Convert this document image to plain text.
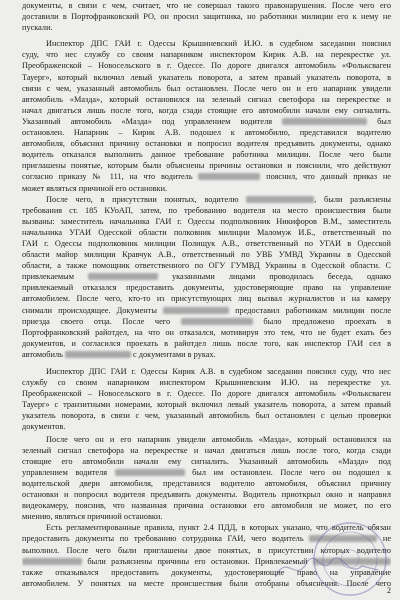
документы, в связи с чем, считает, что не совершал такого правонарушения. После чего его
доставили в Портофранковский РО, он просил защитника, но работники милиции его к нему не
пускали.
Инспектор ДПС ГАИ г. Одессы Крышиневский И.Ю. в судебном заседании пояснил
суду, что нес службу со своим напарником инспектором Кирик А.В. на перекрестке ул.
Преображенской – Новосельского в г. Одессе. По дороге двигался автомобиль «Фольксваген
Тауерг», который включил левый указатель поворота, а затем правый указатель поворота, в
связи с чем, указанный автомобиль был остановлен. После чего он и его напарник увидели
автомобиль «Мазда», который остановился на зеленый сигнал светофора на перекрестке и
начал двигаться лишь после того, когда сзади стоящие его автомобили начали ему сигналить.
Указанный автомобиль «Мазда» под управлением водителя	был
остановлен. Напарник – Кирик А.В. подошел к автомобилю, представился водителю
автомобиля, объяснил причину остановки и попросил водителя предъявить документы, однако
водитель отказался выполнить данное требование работника милиции. После чего были
приглашены понятые, которым были объяснены причины остановки и пояснили, что действуют
согласно приказу № 111, на что водитель	пояснил, что данный приказ не
может являться причиной его остановки.
После чего, в присутствии понятых, водителю	, были разъяснены
требования ст. 185 КУоАП, затем, по требованию водителя на место происшествия были
вызваны: заместитель начальника ГАИ г. Одессы подполковник Никифоров В.М., заместитель
начальника УГАИ Одесской области полковник милиции Маломуж И.Б., ответственный по
ГАИ г. Одессы подполковник милиции Полищук А.В., ответственный по УГАИ в Одесской
области майор милиции Кравчук А.В., ответственный по УВБ УМВД Украины в Одесской
области, а также помощник ответственного по ОГУ ГУМВД Украины в Одесской области. С
привлекаемым	указанными лицами проводилась беседа, однако
привлекаемый отказался предоставить документы, удостоверяющие право на управление
автомобилем. После чего, кто-то из присутствующих лиц вызвал журналистов и на камеру
снимали происходящее. Документы	предоставил работникам милиции после
приезда своего отца. После чего	было предложено проехать в
Портофранковский райотдел, на что он отказался, мотивируя это тем, что не будет ехать без
документов, и согласился проехать в райотдел лишь после того, как инспектор ГАИ сел в
автомобиль	с документами в руках.
Инспектор ДПС ГАИ г. Одессы Кирик А.В. в судебном заседании пояснил суду, что нес
службу со своим напарником инспектором Крышиневским И.Ю. на перекрестке ул.
Преображенской – Новосельского в г. Одессе. По дороге двигался автомобиль «Фольксваген
Тауерг» с транзитными номерами, который включил левый указатель поворота, а затем правый
указатель поворота, в связи с чем, указанный автомобиль был остановлен с целью проверки
документов.
После чего он и его напарник увидели автомобиль «Мазда», который остановился на
зеленый сигнал светофора на перекрестке и начал двигаться лишь после того, когда сзади
стоящие его автомобили начали ему сигналить. Указанный автомобиль «Мазда» под
управлением водителя	был им остановлен. После чего он подошел к
водительской двери автомобиля, представился водителю автомобиля, объяснил причину
остановки и попросил водителя предъявить документы. Водитель приоткрыл окно и направил
видеокамеру, пояснив, что названная причина остановки его автомобиля не может, по его
мнению, являться причиной остановки.
Есть регламентированные правила, пункт 2.4 ПДД, в которых указано, что водитель обязан
предоставить документы по требованию сотрудника ГАИ, чего водитель	не
выполнил. После чего были приглашены двое понятых, в присутствии которых водителю
были разъяснены причины его остановки. Привлекаемый
также отказывался предоставить документы, удостоверяющие право на управление
автомобилем. У понятых на месте происшествия были отобраны объяснения. После чего
2
